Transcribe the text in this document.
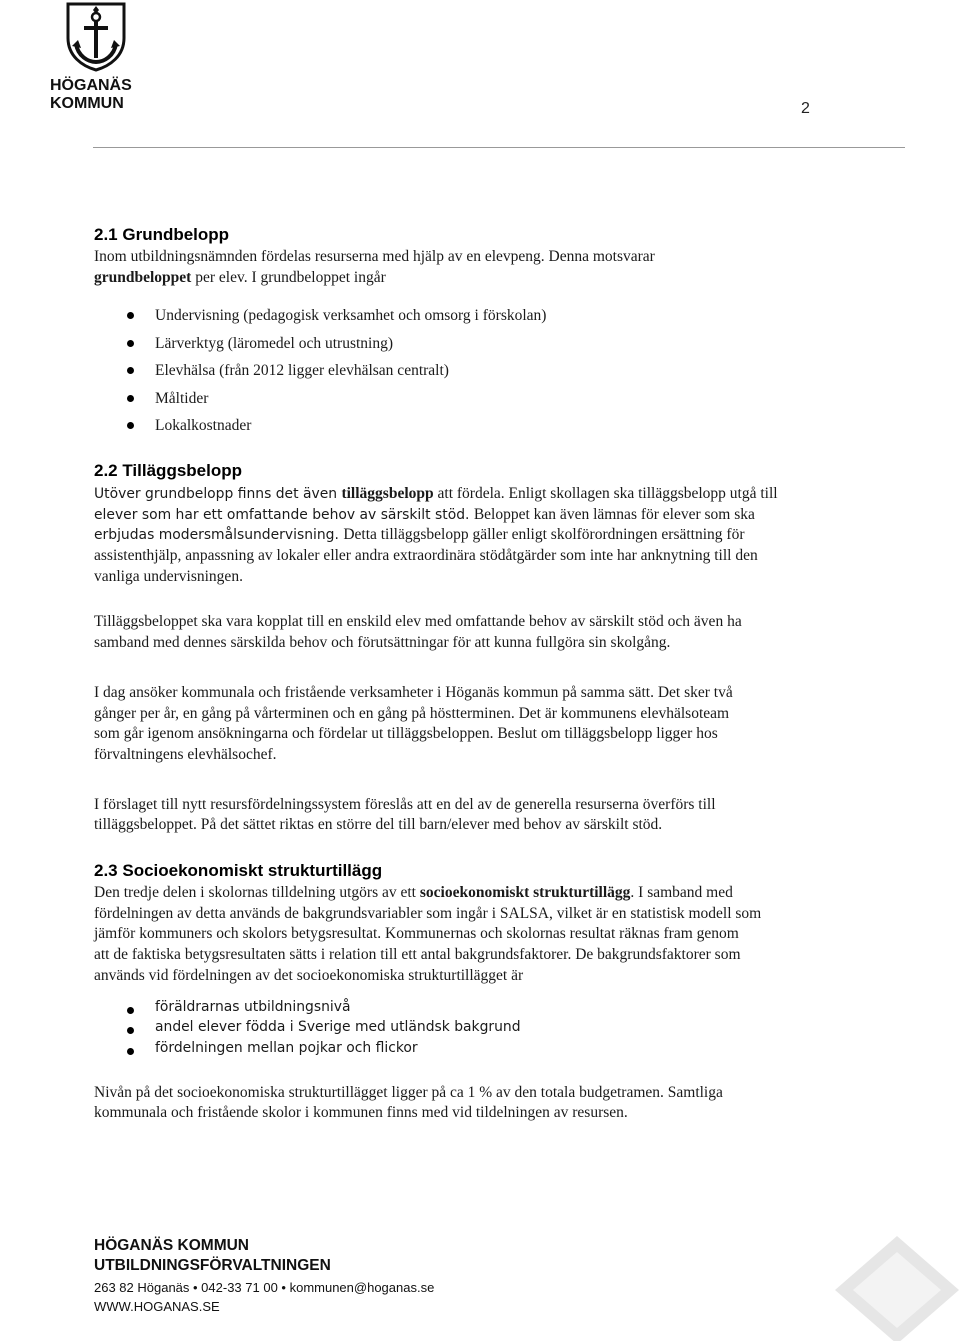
HÖGANÄS
KOMMUN	2
2.1 Grundbelopp

Inom utbildningsnämnden fördelas resurserna med hjälp av en elevpeng. Denna motsvarar
grundbeloppet per elev. I grundbeloppet ingår

Undervisning (pedagogisk verksamhet och omsorg i förskolan)
Lärverktyg (läromedel och utrustning)
Elevhälsa (från 2012 ligger elevhälsan centralt)
Måltider
Lokalkostnader
2.2 Tilläggsbelopp

Utöver grundbelopp finns det även tilläggsbelopp att fördela. Enligt skollagen ska tilläggsbelopp utgå till
elever som har ett omfattande behov av särskilt stöd. Beloppet kan även lämnas för elever som ska
erbjudas modersmålsundervisning. Detta tilläggsbelopp gäller enligt skolförordningen ersättning för
assistenthjälp, anpassning av lokaler eller andra extraordinära stödåtgärder som inte har anknytning till den
vanliga undervisningen.

Tilläggsbeloppet ska vara kopplat till en enskild elev med omfattande behov av särskilt stöd och även ha
samband med dennes särskilda behov och förutsättningar för att kunna fullgöra sin skolgång.

I dag ansöker kommunala och fristående verksamheter i Höganäs kommun på samma sätt. Det sker två
gånger per år, en gång på vårterminen och en gång på höstterminen. Det är kommunens elevhälsoteam
som går igenom ansökningarna och fördelar ut tilläggsbeloppen. Beslut om tilläggsbelopp ligger hos
förvaltningens elevhälsochef.

I förslaget till nytt resursfördelningssystem föreslås att en del av de generella resurserna överförs till
tilläggsbeloppet. På det sättet riktas en större del till barn/elever med behov av särskilt stöd.

2.3 Socioekonomiskt strukturtillägg

Den tredje delen i skolornas tilldelning utgörs av ett socioekonomiskt strukturtillägg. I samband med
fördelningen av detta används de bakgrundsvariabler som ingår i SALSA, vilket är en statistisk modell som
jämför kommuners och skolors betygsresultat. Kommunernas och skolornas resultat räknas fram genom
att de faktiska betygsresultaten sätts i relation till ett antal bakgrundsfaktorer. De bakgrundsfaktorer som
används vid fördelningen av det socioekonomiska strukturtillägget är

föräldrarnas utbildningsnivå
andel elever födda i Sverige med utländsk bakgrund
fördelningen mellan pojkar och flickor

Nivån på det socioekonomiska strukturtillägget ligger på ca 1 % av den totala budgetramen. Samtliga
kommunala och fristående skolor i kommunen finns med vid tildelningen av resursen.

HÖGANÄS KOMMUN
UTBILDNINGSFÖRVALTNINGEN
263 82 Höganäs • 042-33 71 00 • kommunen@hoganas.se
WWW.HOGANAS.SE
